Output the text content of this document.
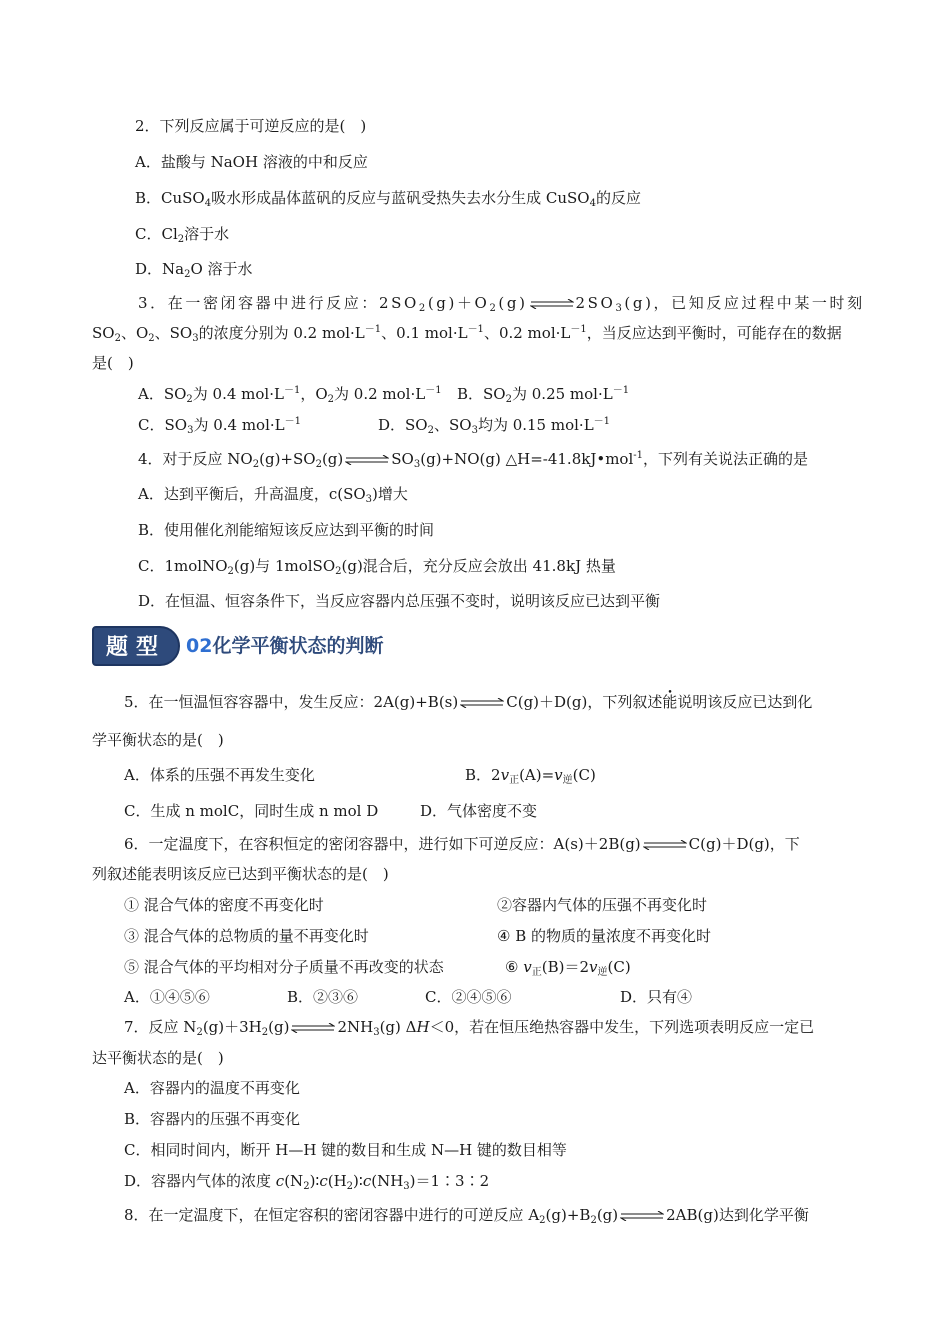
2．下列反应属于可逆反应的是(　)
A．盐酸与 NaOH 溶液的中和反应
B．CuSO$_4$吸水形成晶体蓝矾的反应与蓝矾受热失去水分生成 CuSO$_4$的反应
C．$Cl_2$溶于水
D．$Na_2O$ 溶于水
3．在一密闭容器中进行反应：$2SO_2(g)+O_2(g)$ ⇌ $2SO_3(g)$，已知反应过程中某一时刻
$SO_2$、$O_2$、$SO_3$的浓度分别为 0.2 $mol\cdot L^{-1}$、0.1 $mol\cdot L^{-1}$、0.2 $mol\cdot L^{-1}$，当反应达到平衡时，可能存在的数据
是(　)
A．$SO_2$为 0.4 $mol\cdot L^{-1}$，$O_2$为 0.2 $mol\cdot L^{-1}$ B．$SO_2$为 0.25 $mol\cdot L^{-1}$
C．$SO_3$为 0.4 $mol\cdot L^{-1}$	D．$SO_2$、$SO_3$均为 0.15 $mol\cdot L^{-1}$
4．对于反应 $NO_2(g)+SO_2(g)$ ⇌ $SO_3(g)+NO(g)$ △H=-41.8kJ•mol$^{-1}$，下列有关说法正确的是
A．达到平衡后，升高温度，$c(SO_3)$增大
B．使用催化剂能缩短该反应达到平衡的时间
C．1molNO$_2$(g)与 1molSO$_2$(g)混合后，充分反应会放出 41.8kJ 热量
D．在恒温、恒容条件下，当反应容器内总压强不变时，说明该反应已达到平衡
题型	02化学平衡状态的判断
5．在一恒温恒容容器中，发生反应：2A(g)+B(s) ⇌ C(g)＋D(g)，下列叙述能说明该反应已达到化
学平衡状态的是(　)
A．体系的压强不再发生变化	B．$2v_正(A)=v_逆(C)$
C．生成 n molC，同时生成 n mol D	D．气体密度不变
6．一定温度下，在容积恒定的密闭容器中，进行如下可逆反应：A(s)＋2B(g) ⇌ C(g)＋D(g)，下
列叙述能表明该反应已达到平衡状态的是(　)
① 混合气体的密度不再变化时	②容器内气体的压强不再变化时
③ 混合气体的总物质的量不再变化时	④ B 的物质的量浓度不再变化时
⑤ 混合气体的平均相对分子质量不再改变的状态	⑥ $v_正(B)=2v_逆(C)$
A．①④⑤⑥	B．②③⑥	C．②④⑤⑥	D．只有④
7．反应 $N_2(g)+3H_2(g)$ ⇌ $2NH_3(g)$ ΔH＜0，若在恒压绝热容器中发生，下列选项表明反应一定已
达平衡状态的是(　)
A．容器内的温度不再变化
B．容器内的压强不再变化
C．相同时间内，断开 H—H 键的数目和生成 N—H 键的数目相等
D．容器内气体的浓度 $c(N_2)∶c(H_2)∶c(NH_3)=1∶3∶2$
8．在一定温度下，在恒定容积的密闭容器中进行的可逆反应 $A_2(g)+B_2(g)$ ⇌ 2AB(g)达到化学平衡
